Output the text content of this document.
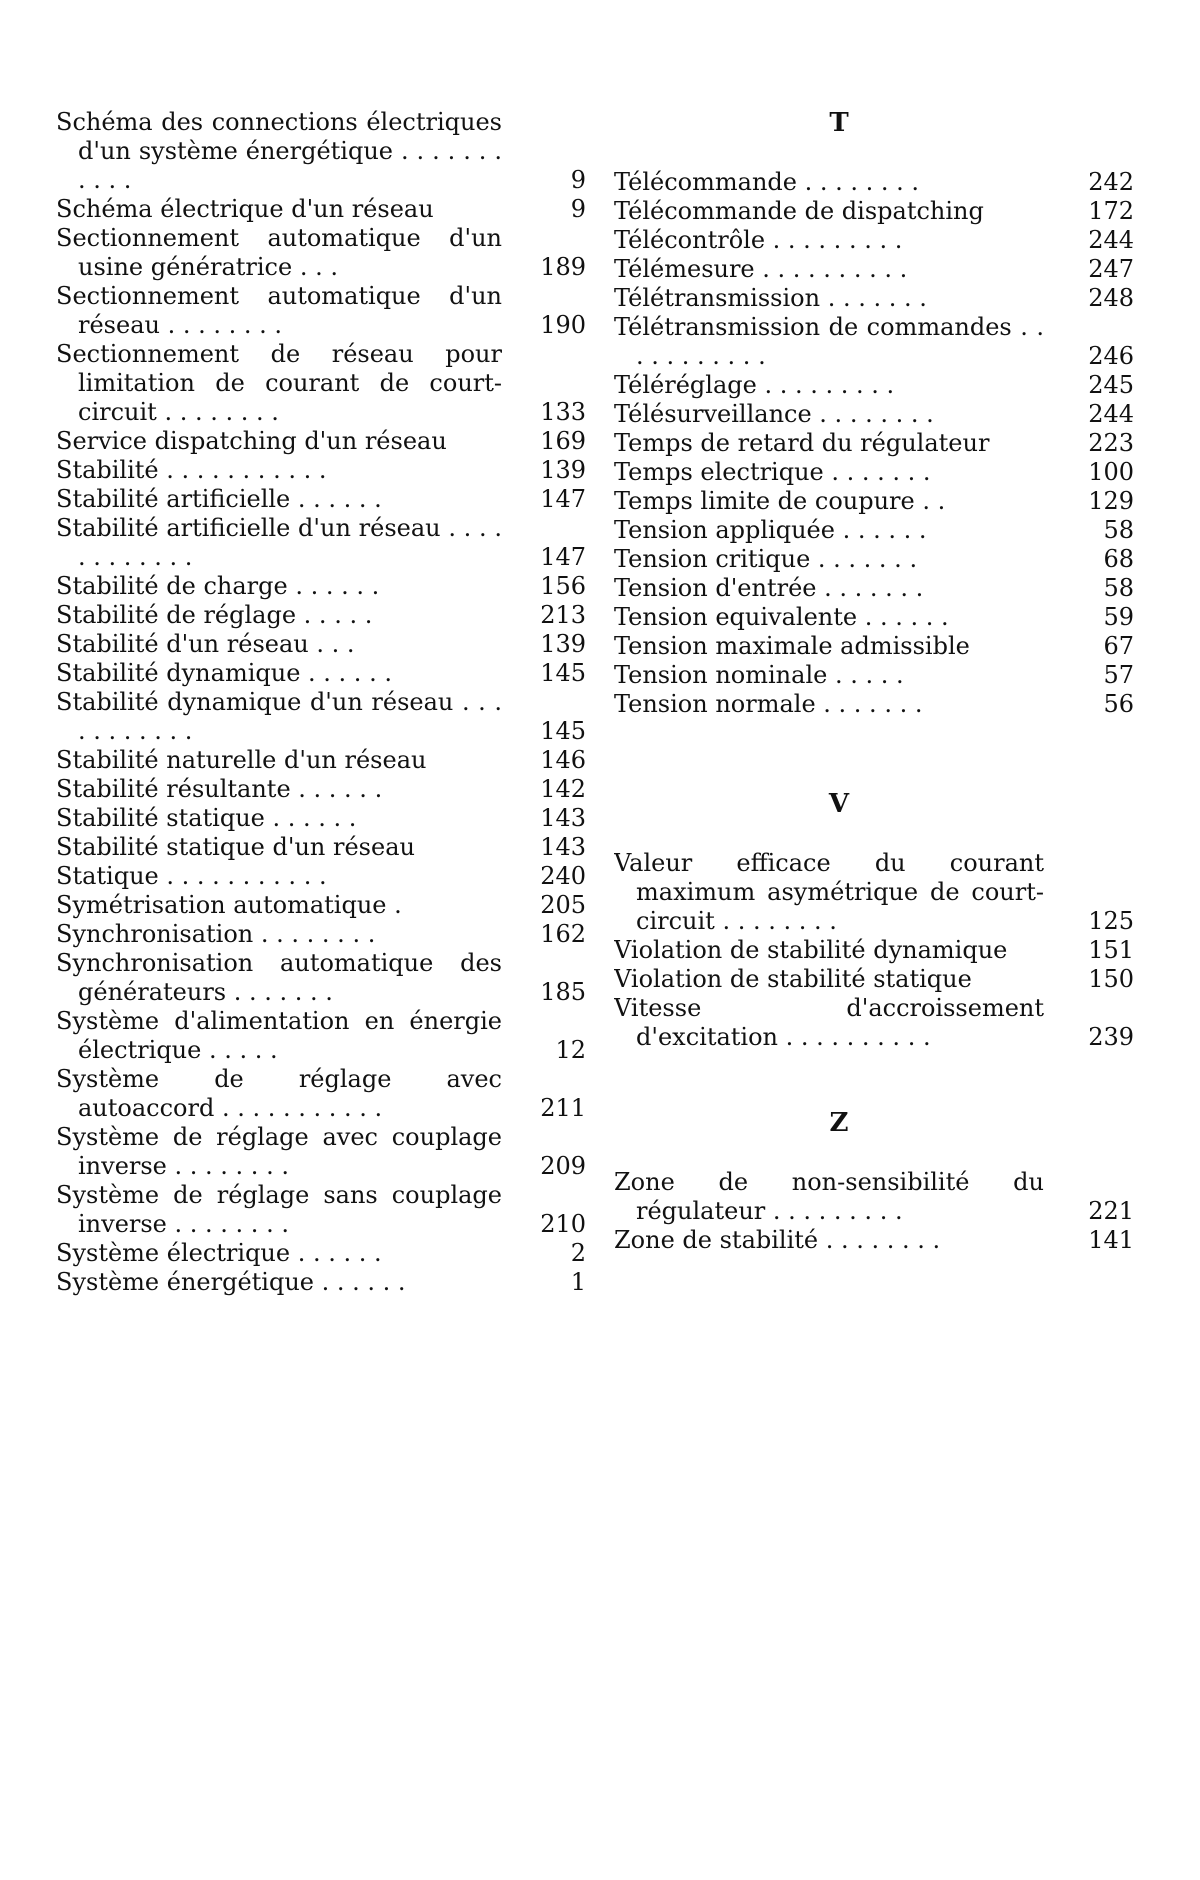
Schéma des connections électriques d'un système énergétique . . . . . . . . . . .	9
Schéma électrique d'un réseau	9
Sectionnement automatique d'un usine génératrice . . .	189
Sectionnement automatique d'un réseau . . . . . . . .	190
Sectionnement de réseau pour limitation de courant de court-circuit . . . . . . . .	133
Service dispatching d'un réseau	169
Stabilité . . . . . . . . . . .	139
Stabilité artificielle . . . . . .	147
Stabilité artificielle d'un réseau . . . . . . . . . . . .	147
Stabilité de charge . . . . . .	156
Stabilité de réglage . . . . .	213
Stabilité d'un réseau . . .	139
Stabilité dynamique . . . . . .	145
Stabilité dynamique d'un réseau . . . . . . . . . . .	145
Stabilité naturelle d'un réseau	146
Stabilité résultante . . . . . .	142
Stabilité statique . . . . . .	143
Stabilité statique d'un réseau	143
Statique . . . . . . . . . . .	240
Symétrisation automatique .	205
Synchronisation . . . . . . . .	162
Synchronisation automatique des générateurs . . . . . . .	185
Système d'alimentation en énergie électrique . . . . .	12
Système de réglage avec autoaccord . . . . . . . . . . .	211
Système de réglage avec couplage inverse . . . . . . . .	209
Système de réglage sans couplage inverse . . . . . . . .	210
Système électrique . . . . . .	2
Système énergétique . . . . . .	1
T
Télécommande . . . . . . . .	242
Télécommande de dispatching	172
Télécontrôle . . . . . . . . .	244
Télémesure . . . . . . . . . .	247
Télétransmission . . . . . . .	248
Télétransmission de commandes . . . . . . . . . . .	246
Téléréglage . . . . . . . . .	245
Télésurveillance . . . . . . . .	244
Temps de retard du régulateur	223
Temps electrique . . . . . . .	100
Temps limite de coupure . .	129
Tension appliquée . . . . . .	58
Tension critique . . . . . . .	68
Tension d'entrée . . . . . . .	58
Tension equivalente . . . . . .	59
Tension maximale admissible	67
Tension nominale . . . . .	57
Tension normale . . . . . . .	56
V
Valeur efficace du courant maximum asymétrique de court-circuit . . . . . . . .	125
Violation de stabilité dynamique	151
Violation de stabilité statique	150
Vitesse d'accroissement d'excitation . . . . . . . . . .	239
Z
Zone de non-sensibilité du régulateur . . . . . . . . .	221
Zone de stabilité . . . . . . . .	141
